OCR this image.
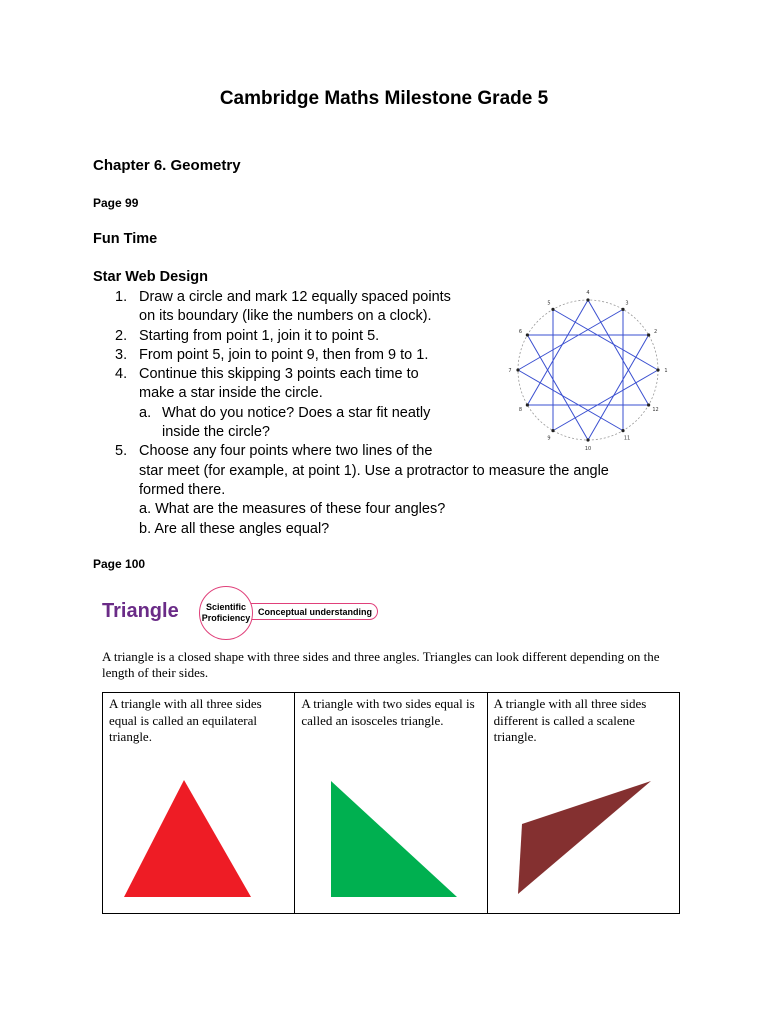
Cambridge Maths Milestone Grade 5
Chapter 6. Geometry
Page 99
Fun Time
Star Web Design
1. Draw a circle and mark 12 equally spaced points
on its boundary (like the numbers on a clock).
2. Starting from point 1, join it to point 5.
3. From point 5, join to point 9, then from 9 to 1.
4. Continue this skipping 3 points each time to
make a star inside the circle.
a. What do you notice? Does a star fit neatly
inside the circle?
5. Choose any four points where two lines of the
star meet (for example, at point 1). Use a protractor to measure the angle
formed there.
a. What are the measures of these four angles?
b. Are all these angles equal?
1
2
3
4
5
6
7
8
9
10
11
12
Page 100
Triangle	Scientific Proficiency
Conceptual understanding
A triangle is a closed shape with three sides and three angles. Triangles can look different depending on the length of their sides.
A triangle with all three sides equal is called an equilateral triangle.
A triangle with two sides equal is called an isosceles triangle.
A triangle with all three sides different is called a scalene triangle.
